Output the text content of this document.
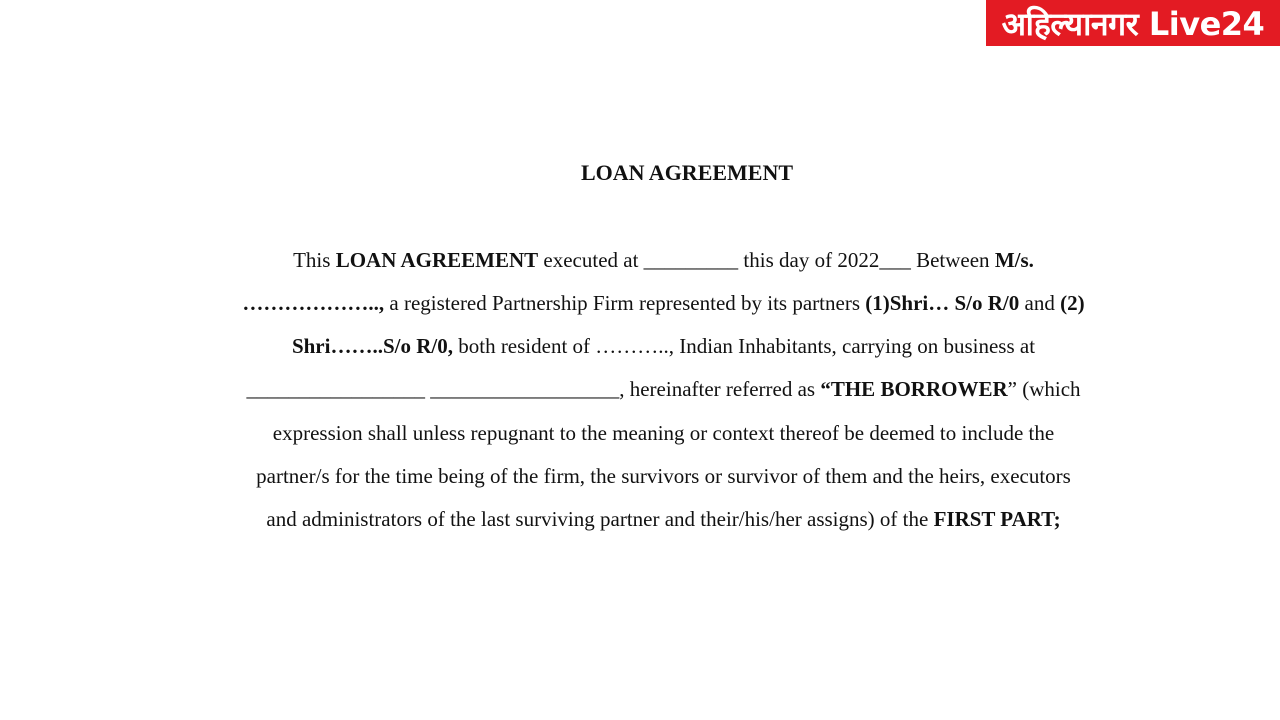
अहिल्यानगर Live24
LOAN AGREEMENT

This LOAN AGREEMENT executed at _________ this day of 2022___ Between M/s.

……………….., a registered Partnership Firm represented by its partners (1)Shri… S/o R/0 and (2)

Shri……..S/o R/0, both resident of ……….., Indian Inhabitants, carrying on business at

_________________ __________________, hereinafter referred as “THE BORROWER” (which

expression shall unless repugnant to the meaning or context thereof be deemed to include the

partner/s for the time being of the firm, the survivors or survivor of them and the heirs, executors

and administrators of the last surviving partner and their/his/her assigns) of the FIRST PART;
